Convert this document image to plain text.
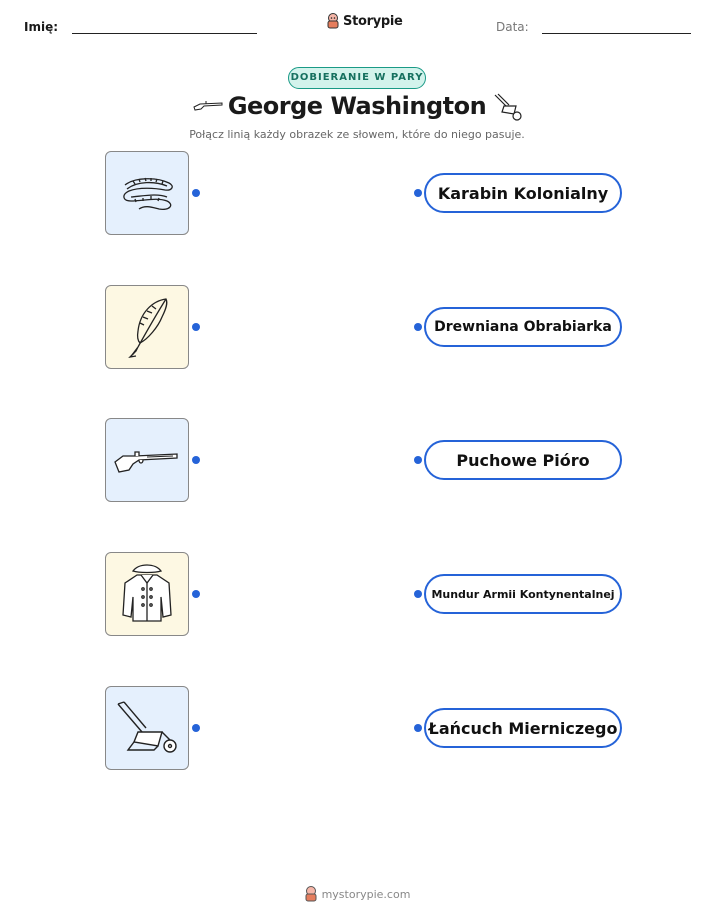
Imię:	Storypie	Data:
DOBIERANIE W PARY
George Washington
Połącz linią każdy obrazek ze słowem, które do niego pasuje.
Karabin Kolonialny
Drewniana Obrabiarka
Puchowe Pióro
Mundur Armii Kontynentalnej
Łańcuch Mierniczego
mystorypie.com
